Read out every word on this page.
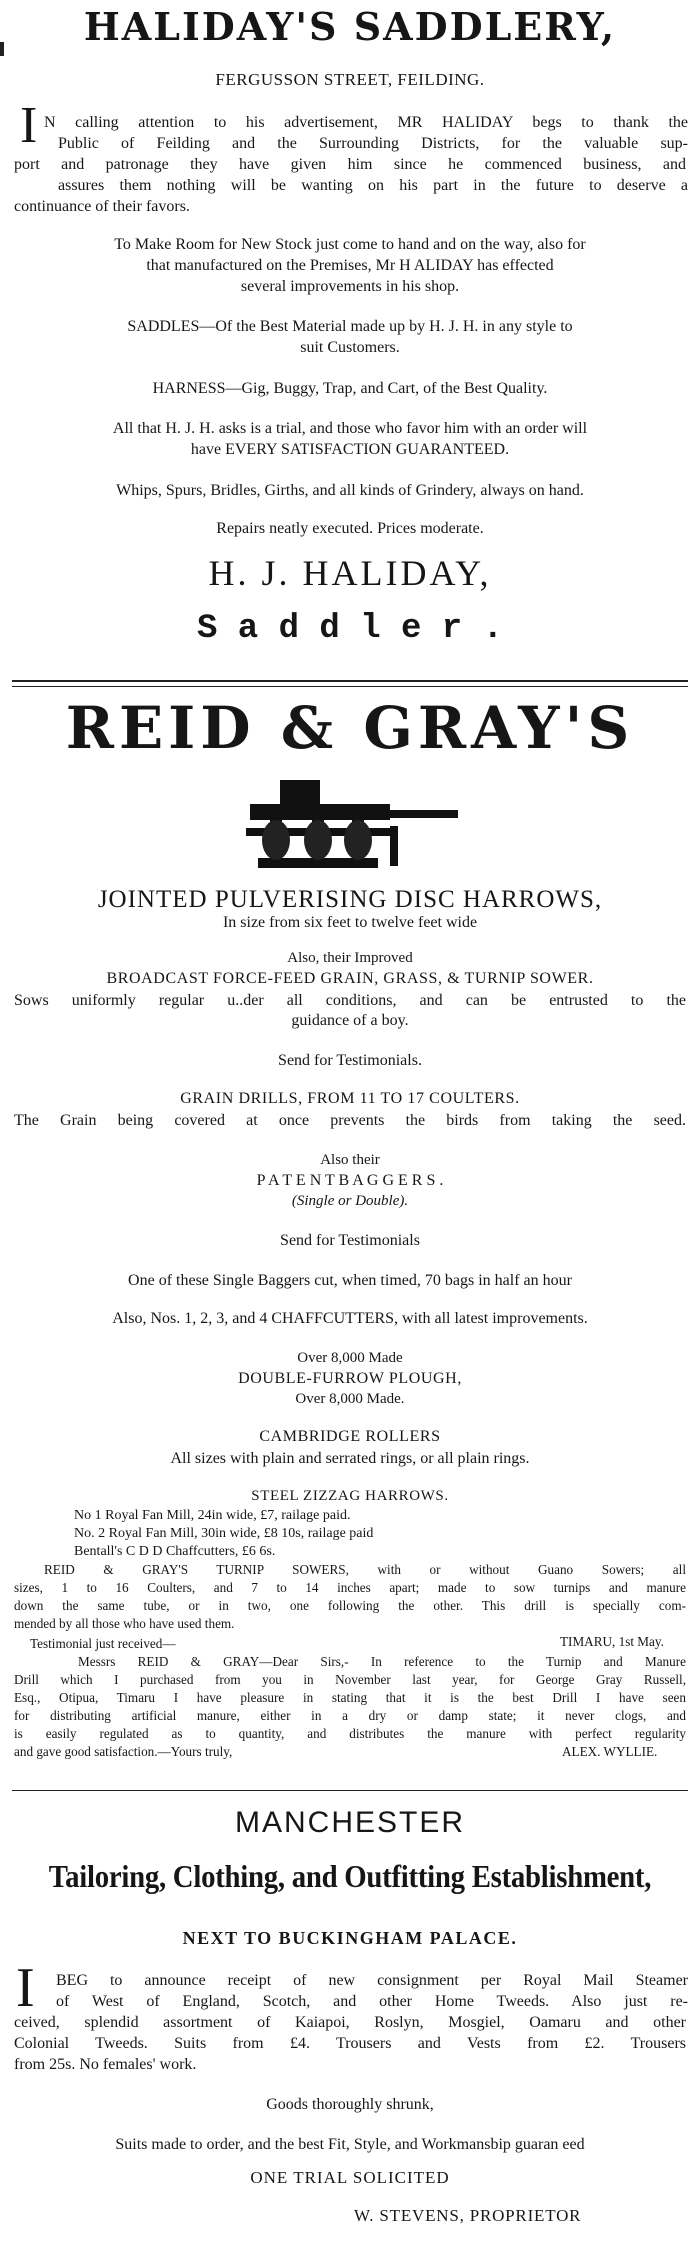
HALIDAY'S SADDLERY,
FERGUSSON STREET, FEILDING.
I N calling attention to his advertisement, MR HALIDAY begs to thank the
Public of Feilding and the Surrounding Districts, for the valuable sup-
port and patronage they have given him since he commenced business, and
assures them nothing will be wanting on his part in the future to deserve a
continuance of their favors.
To Make Room for New Stock just come to hand and on the way, also for
that manufactured on the Premises, Mr H ALIDAY has effected
several improvements in his shop.
SADDLES—Of the Best Material made up by H. J. H. in any style to
suit Customers.
HARNESS—Gig, Buggy, Trap, and Cart, of the Best Quality.
All that H. J. H. asks is a trial, and those who favor him with an order will
have EVERY SATISFACTION GUARANTEED.
Whips, Spurs, Bridles, Girths, and all kinds of Grindery, always on hand.
Repairs neatly executed. Prices moderate.
H. J. HALIDAY,
S a d d l e r .
REID & GRAY'S
JOINTED PULVERISING DISC HARROWS,
In size from six feet to twelve feet wide
Also, their Improved
BROADCAST FORCE-FEED GRAIN, GRASS, & TURNIP SOWER.
Sows uniformly regular u..der all conditions, and can be entrusted to the
guidance of a boy.
Send for Testimonials.
GRAIN DRILLS, FROM 11 TO 17 COULTERS.
The Grain being covered at once prevents the birds from taking the seed.
Also their
P A T E N T B A G G E R S .
(Single or Double).
Send for Testimonials
One of these Single Baggers cut, when timed, 70 bags in half an hour
Also, Nos. 1, 2, 3, and 4 CHAFFCUTTERS, with all latest improvements.
Over 8,000 Made
DOUBLE-FURROW PLOUGH,
Over 8,000 Made.
CAMBRIDGE ROLLERS
All sizes with plain and serrated rings, or all plain rings.
STEEL ZIZZAG HARROWS.
No 1 Royal Fan Mill, 24in wide, £7, railage paid.
No. 2 Royal Fan Mill, 30in wide, £8 10s, railage paid
Bentall's C D D Chaffcutters, £6 6s.
REID & GRAY'S TURNIP SOWERS, with or without Guano Sowers; all
sizes, 1 to 16 Coulters, and 7 to 14 inches apart; made to sow turnips and manure
down the same tube, or in two, one following the other. This drill is specially com-
mended by all those who have used them.
Testimonial just received—	TIMARU, 1st May.
Messrs REID & GRAY—Dear Sirs,- In reference to the Turnip and Manure
Drill which I purchased from you in November last year, for George Gray Russell,
Esq., Otipua, Timaru I have pleasure in stating that it is the best Drill I have seen
for distributing artificial manure, either in a dry or damp state; it never clogs, and
is easily regulated as to quantity, and distributes the manure with perfect regularity
and gave good satisfaction.—Yours truly,	ALEX. WYLLIE.
MANCHESTER
Tailoring, Clothing, and Outfitting Establishment,
NEXT TO BUCKINGHAM PALACE.
I BEG to announce receipt of new consignment per Royal Mail Steamer
of West of England, Scotch, and other Home Tweeds. Also just re-
ceived, splendid assortment of Kaiapoi, Roslyn, Mosgiel, Oamaru and other
Colonial Tweeds. Suits from £4. Trousers and Vests from £2. Trousers
from 25s. No females' work.
Goods thoroughly shrunk,
Suits made to order, and the best Fit, Style, and Workmansbip guaran eed
ONE TRIAL SOLICITED
W. STEVENS, PROPRIETOR
